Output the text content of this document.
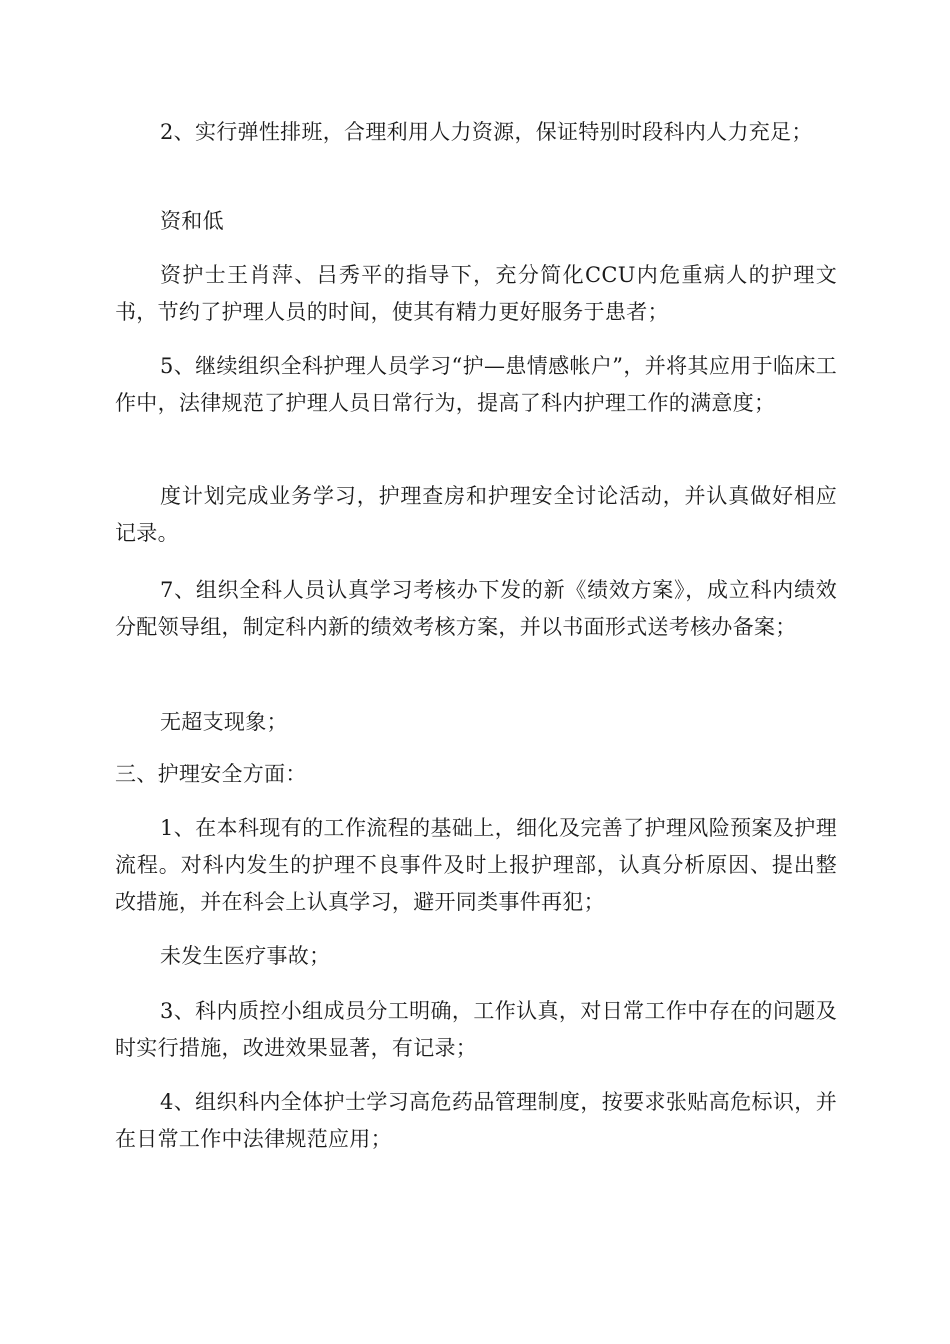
2、实行弹性排班，合理利用人力资源，保证特别时段科内人力充足；

资和低

资护士王肖萍、吕秀平的指导下，充分简化CCU内危重病人的护理文书，节约了护理人员的时间，使其有精力更好服务于患者；

5、继续组织全科护理人员学习“护—患情感帐户”，并将其应用于临床工作中，法律规范了护理人员日常行为，提高了科内护理工作的满意度；

度计划完成业务学习，护理查房和护理安全讨论活动，并认真做好相应记录。

7、组织全科人员认真学习考核办下发的新《绩效方案》，成立科内绩效分配领导组，制定科内新的绩效考核方案，并以书面形式送考核办备案；

无超支现象；

三、护理安全方面：

1、在本科现有的工作流程的基础上，细化及完善了护理风险预案及护理流程。对科内发生的护理不良事件及时上报护理部，认真分析原因、提出整改措施，并在科会上认真学习，避开同类事件再犯；

未发生医疗事故；

3、科内质控小组成员分工明确，工作认真，对日常工作中存在的问题及时实行措施，改进效果显著，有记录；

4、组织科内全体护士学习高危药品管理制度，按要求张贴高危标识，并在日常工作中法律规范应用；
